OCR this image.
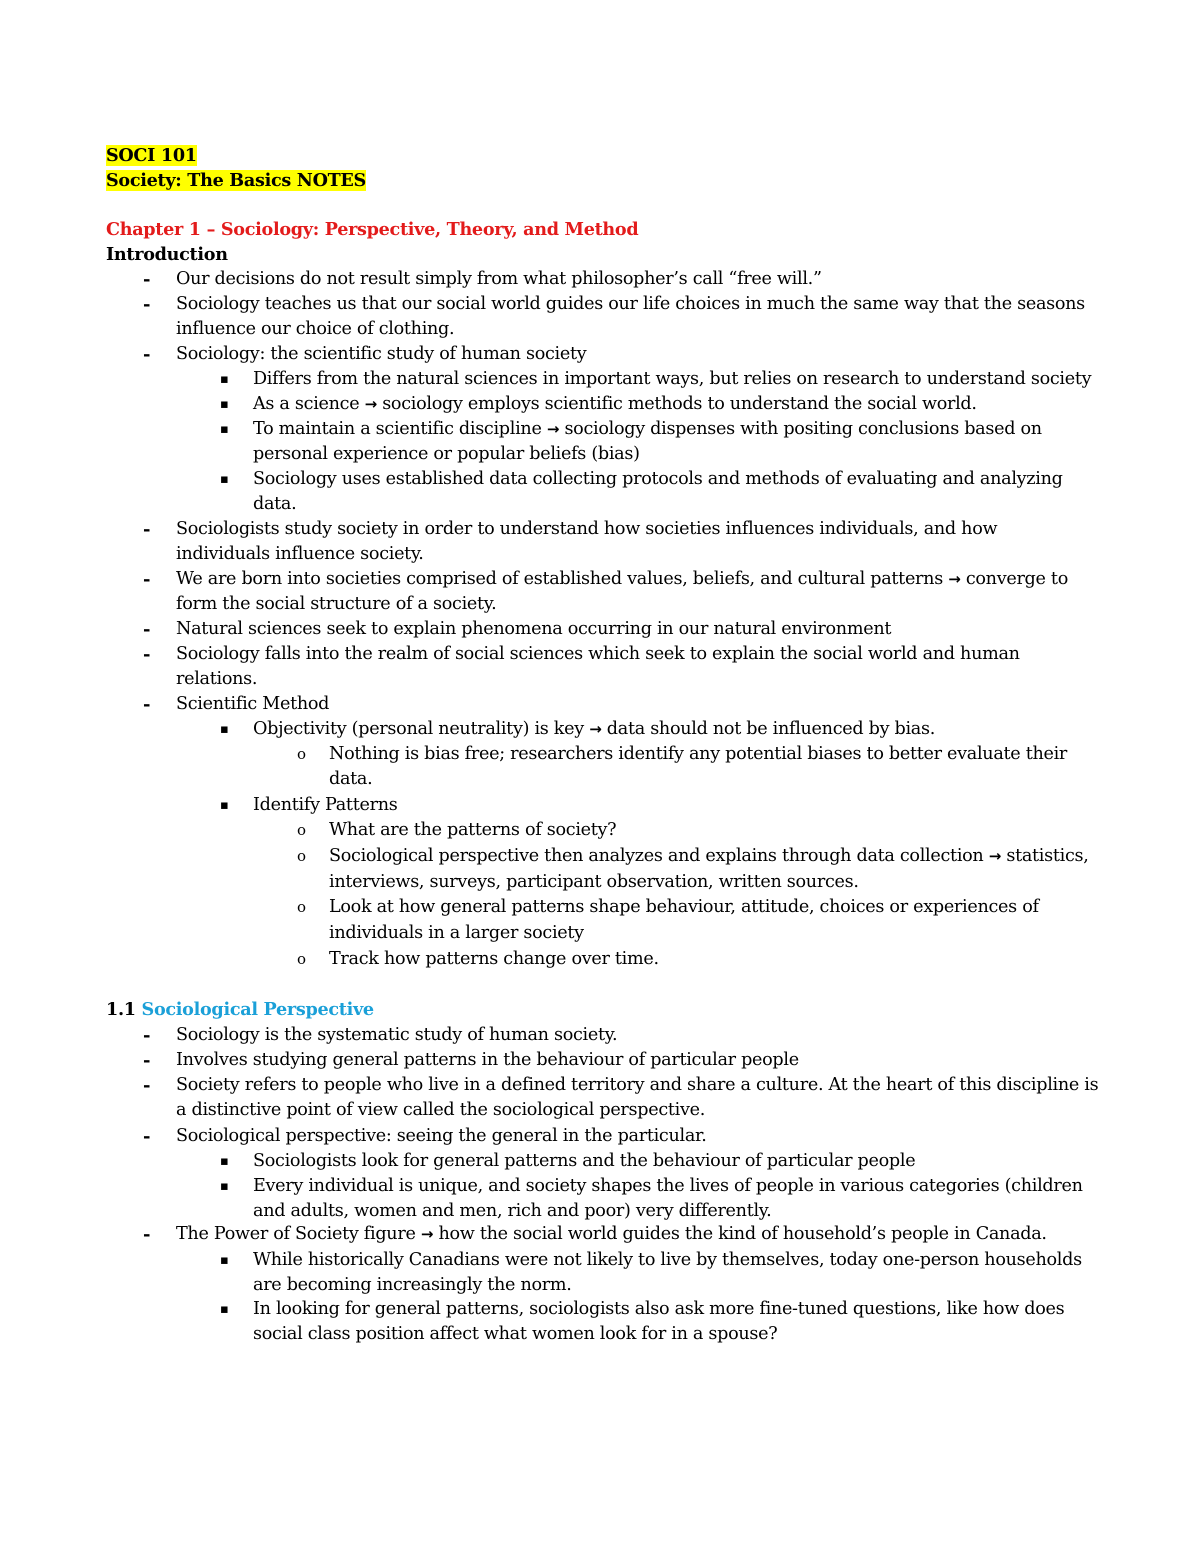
SOCI 101
Society: The Basics NOTES
Chapter 1 – Sociology: Perspective, Theory, and Method
Introduction
- Our decisions do not result simply from what philosopher’s call “free will.”
- Sociology teaches us that our social world guides our life choices in much the same way that the seasons
influence our choice of clothing.
- Sociology: the scientific study of human society
▪ Differs from the natural sciences in important ways, but relies on research to understand society
▪ As a science → sociology employs scientific methods to understand the social world.
▪ To maintain a scientific discipline → sociology dispenses with positing conclusions based on
personal experience or popular beliefs (bias)
▪ Sociology uses established data collecting protocols and methods of evaluating and analyzing
data.
- Sociologists study society in order to understand how societies influences individuals, and how
individuals influence society.
- We are born into societies comprised of established values, beliefs, and cultural patterns → converge to
form the social structure of a society.
- Natural sciences seek to explain phenomena occurring in our natural environment
- Sociology falls into the realm of social sciences which seek to explain the social world and human
relations.
- Scientific Method
▪ Objectivity (personal neutrality) is key → data should not be influenced by bias.
o Nothing is bias free; researchers identify any potential biases to better evaluate their
data.
▪ Identify Patterns
o What are the patterns of society?
o Sociological perspective then analyzes and explains through data collection → statistics,
interviews, surveys, participant observation, written sources.
o Look at how general patterns shape behaviour, attitude, choices or experiences of
individuals in a larger society
o Track how patterns change over time.
1.1 Sociological Perspective
- Sociology is the systematic study of human society.
- Involves studying general patterns in the behaviour of particular people
- Society refers to people who live in a defined territory and share a culture. At the heart of this discipline is
a distinctive point of view called the sociological perspective.
- Sociological perspective: seeing the general in the particular.
▪ Sociologists look for general patterns and the behaviour of particular people
▪ Every individual is unique, and society shapes the lives of people in various categories (children
and adults, women and men, rich and poor) very differently.
- The Power of Society figure → how the social world guides the kind of household’s people in Canada.
▪ While historically Canadians were not likely to live by themselves, today one-person households
are becoming increasingly the norm.
▪ In looking for general patterns, sociologists also ask more fine-tuned questions, like how does
social class position affect what women look for in a spouse?
